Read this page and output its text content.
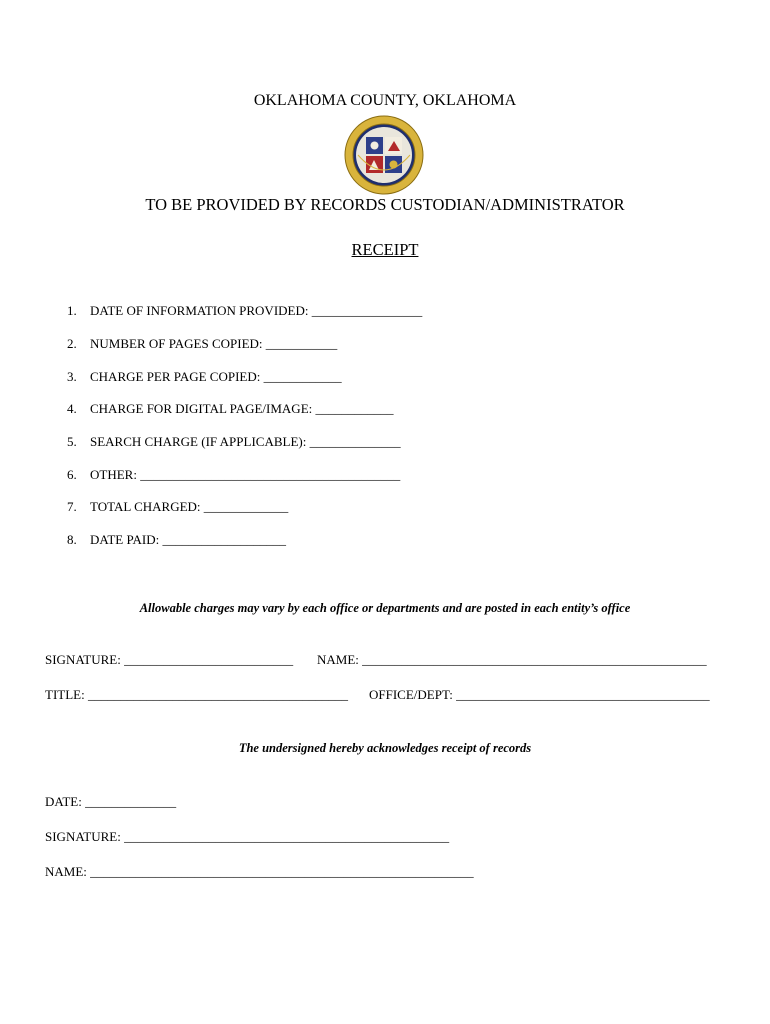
OKLAHOMA COUNTY, OKLAHOMA
TO BE PROVIDED BY RECORDS CUSTODIAN/ADMINISTRATOR
RECEIPT
1. DATE OF INFORMATION PROVIDED: _________________
2. NUMBER OF PAGES COPIED: ___________
3. CHARGE PER PAGE COPIED: ____________
4. CHARGE FOR DIGITAL PAGE/IMAGE: ____________
5. SEARCH CHARGE (IF APPLICABLE): ______________
6. OTHER: ________________________________________
7. TOTAL CHARGED: _____________
8. DATE PAID: ___________________
Allowable charges may vary by each office or departments and are posted in each entity’s office
SIGNATURE: __________________________ NAME: _____________________________________________________
TITLE: ________________________________________ OFFICE/DEPT: _______________________________________
The undersigned hereby acknowledges receipt of records
DATE: ______________
SIGNATURE: __________________________________________________
NAME: ___________________________________________________________
